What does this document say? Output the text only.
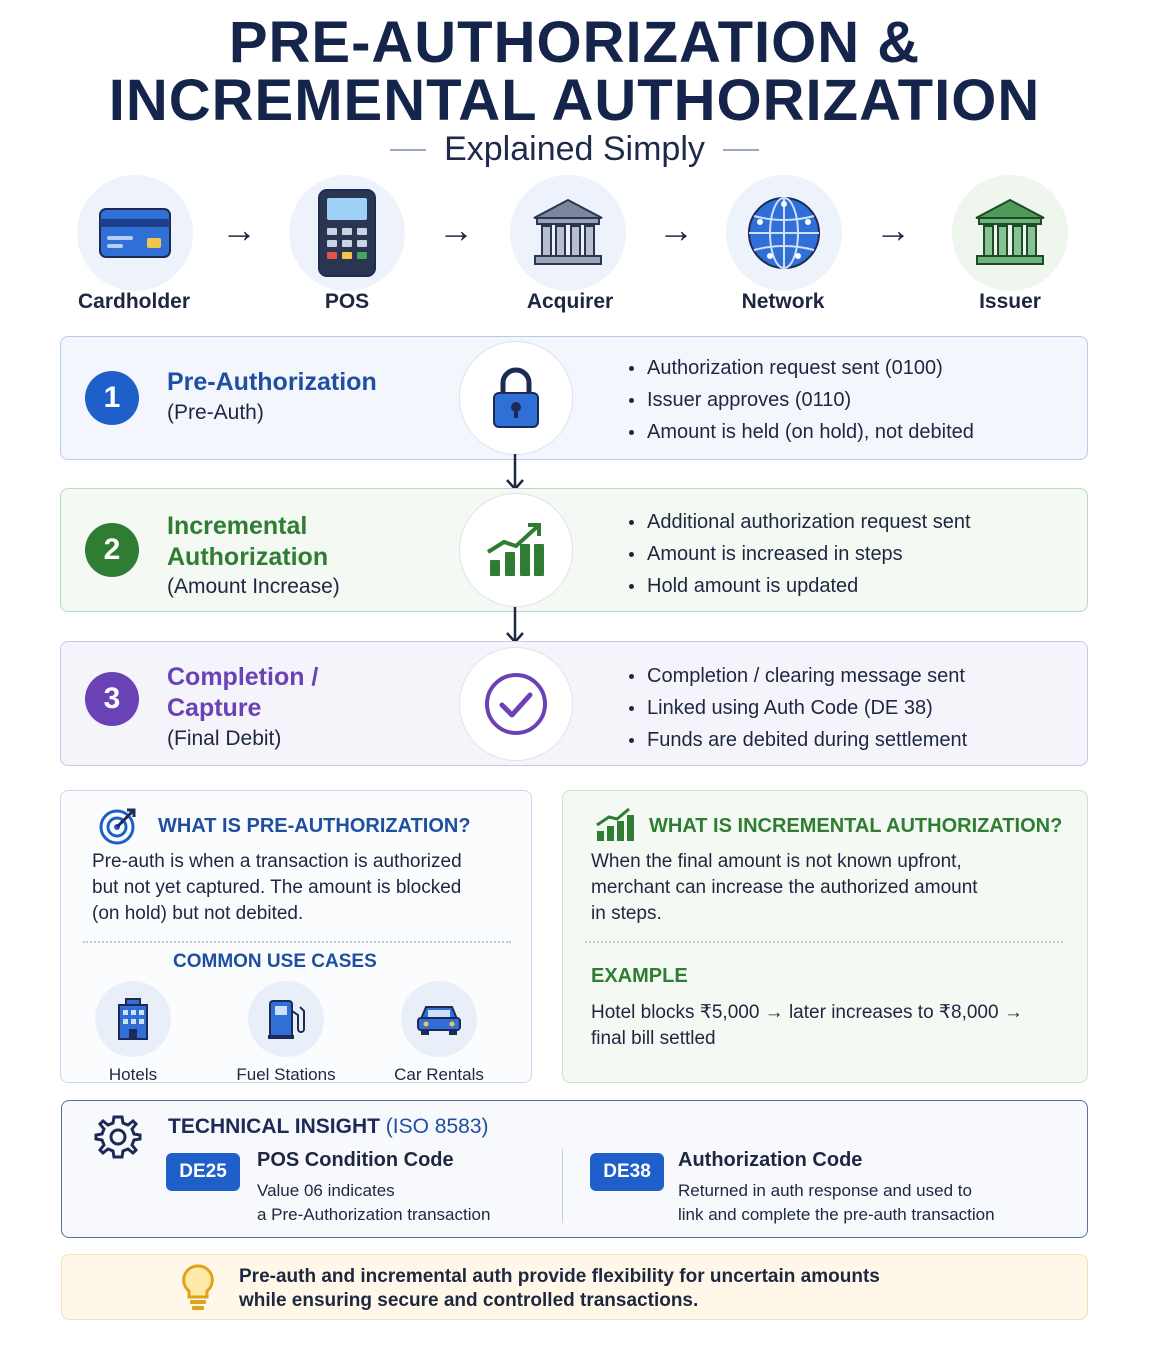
PRE-AUTHORIZATION &
INCREMENTAL AUTHORIZATION
Explained Simply
Cardholder
→
POS
→
Acquirer
→
Network
→
Issuer
1	Pre-Authorization
(Pre-Auth)
Authorization request sent (0100)
Issuer approves (0110)
Amount is held (on hold), not debited
2
Incremental
Authorization
(Amount Increase)
Additional authorization request sent
Amount is increased in steps
Hold amount is updated
3
Completion /
Capture
(Final Debit)
Completion / clearing message sent
Linked using Auth Code (DE 38)
Funds are debited during settlement
WHAT IS PRE-AUTHORIZATION?
Pre-auth is when a transaction is authorized
but not yet captured. The amount is blocked
(on hold) but not debited.
COMMON USE CASES
Hotels	Fuel Stations	Car Rentals
WHAT IS INCREMENTAL AUTHORIZATION?
When the final amount is not known upfront,
merchant can increase the authorized amount
in steps.
EXAMPLE
Hotel blocks ₹5,000 → later increases to ₹8,000 →
final bill settled
TECHNICAL INSIGHT (ISO 8583)
DE25
POS Condition Code
Value 06 indicates
a Pre-Authorization transaction
DE38
Authorization Code
Returned in auth response and used to
link and complete the pre-auth transaction
Pre-auth and incremental auth provide flexibility for uncertain amounts
while ensuring secure and controlled transactions.
